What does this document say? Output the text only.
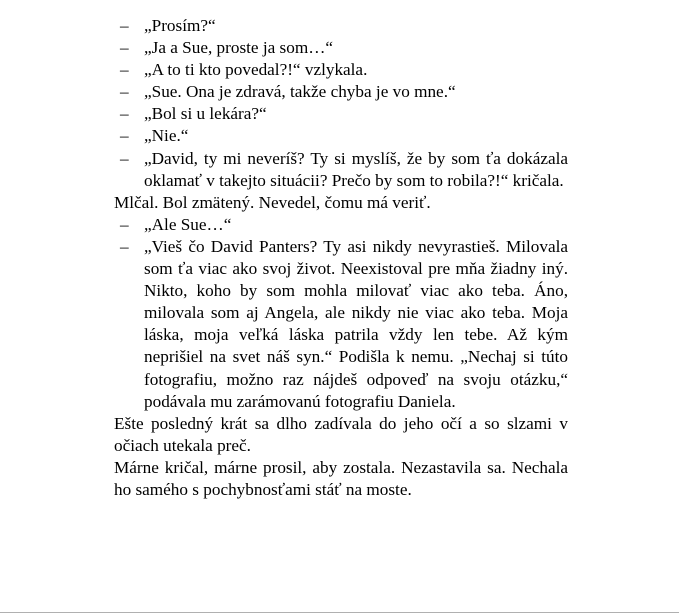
– „Prosím?“
– „Ja a Sue, proste ja som…“
– „A to ti kto povedal?!“ vzlykala.
– „Sue. Ona je zdravá, takže chyba je vo mne.“
– „Bol si u lekára?“
– „Nie.“
– „David, ty mi neveríš? Ty si myslíš, že by som ťa dokázala oklamať v takejto situácii? Prečo by som to robila?!“ kričala.
Mlčal. Bol zmätený. Nevedel, čomu má veriť.
– „Ale Sue…“
– „Vieš čo David Panters? Ty asi nikdy nevyrastieš. Milovala som ťa viac ako svoj život. Neexistoval pre mňa žiadny iný. Nikto, koho by som mohla milovať viac ako teba. Áno, milovala som aj Angela, ale nikdy nie viac ako teba. Moja láska, moja veľká láska patrila vždy len tebe. Až kým neprišiel na svet náš syn.“ Podišla k nemu. „Nechaj si túto fotografiu, možno raz nájdeš odpoveď na svoju otázku,“ podávala mu zarámovanú fotografiu Daniela.
Ešte posledný krát sa dlho zadívala do jeho očí a so slzami v očiach utekala preč.
Márne kričal, márne prosil, aby zostala. Nezastavila sa. Nechala ho samého s pochybnosťami stáť na moste.
